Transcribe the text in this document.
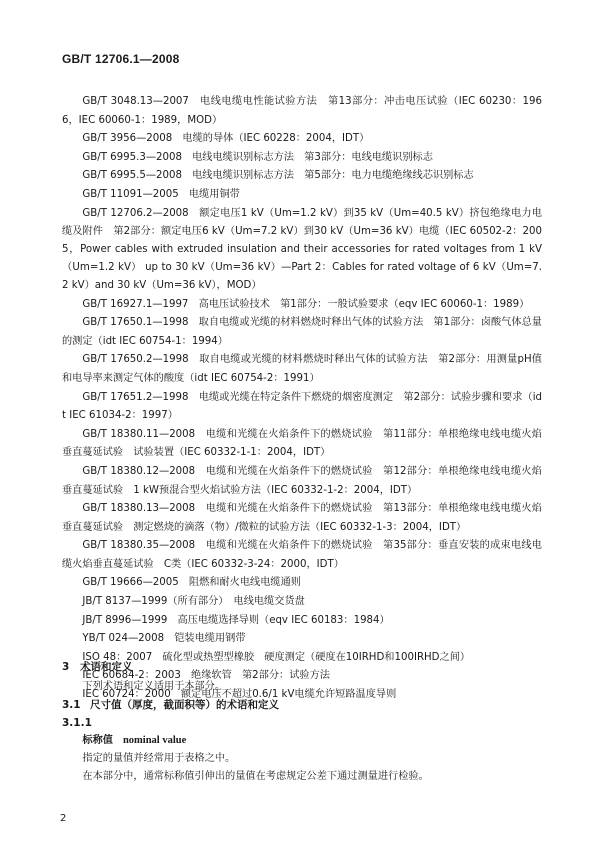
GB/T 12706.1—2008
GB/T 3048.13—2007　电线电缆电性能试验方法　第13部分：冲击电压试验（IEC 60230：1966，IEC 60060-1：1989，MOD）
GB/T 3956—2008　电缆的导体（IEC 60228：2004，IDT）
GB/T 6995.3—2008　电线电缆识别标志方法　第3部分：电线电缆识别标志
GB/T 6995.5—2008　电线电缆识别标志方法　第5部分：电力电缆绝缘线芯识别标志
GB/T 11091—2005　电缆用铜带
GB/T 12706.2—2008　额定电压1 kV（Um=1.2 kV）到35 kV（Um=40.5 kV）挤包绝缘电力电缆及附件　第2部分：额定电压6 kV（Um=7.2 kV）到30 kV（Um=36 kV）电缆（IEC 60502-2：2005，Power cables with extruded insulation and their accessories for rated voltages from 1 kV（Um=1.2 kV） up to 30 kV（Um=36 kV）—Part 2：Cables for rated voltage of 6 kV（Um=7.2 kV）and 30 kV（Um=36 kV），MOD）
GB/T 16927.1—1997　高电压试验技术　第1部分：一般试验要求（eqv IEC 60060-1：1989）
GB/T 17650.1—1998　取自电缆或光缆的材料燃烧时释出气体的试验方法　第1部分：卤酸气体总量的测定（idt IEC 60754-1：1994）
GB/T 17650.2—1998　取自电缆或光缆的材料燃烧时释出气体的试验方法　第2部分：用测量pH值和电导率来测定气体的酸度（idt IEC 60754-2：1991）
GB/T 17651.2—1998　电缆或光缆在特定条件下燃烧的烟密度测定　第2部分：试验步骤和要求（idt IEC 61034-2：1997）
GB/T 18380.11—2008　电缆和光缆在火焰条件下的燃烧试验　第11部分：单根绝缘电线电缆火焰垂直蔓延试验　试验装置（IEC 60332-1-1：2004，IDT）
GB/T 18380.12—2008　电缆和光缆在火焰条件下的燃烧试验　第12部分：单根绝缘电线电缆火焰垂直蔓延试验　1 kW预混合型火焰试验方法（IEC 60332-1-2：2004，IDT）
GB/T 18380.13—2008　电缆和光缆在火焰条件下的燃烧试验　第13部分：单根绝缘电线电缆火焰垂直蔓延试验　测定燃烧的滴落（物）/微粒的试验方法（IEC 60332-1-3：2004，IDT）
GB/T 18380.35—2008　电缆和光缆在火焰条件下的燃烧试验　第35部分：垂直安装的成束电线电缆火焰垂直蔓延试验　C类（IEC 60332-3-24：2000，IDT）
GB/T 19666—2005　阻燃和耐火电线电缆通则
JB/T 8137—1999（所有部分）　电线电缆交货盘
JB/T 8996—1999　高压电缆选择导则（eqv IEC 60183：1984）
YB/T 024—2008　铠装电缆用钢带
ISO 48：2007　硫化型或热塑型橡胶　硬度测定（硬度在10IRHD和100IRHD之间）
IEC 60684-2：2003　绝缘软管　第2部分：试验方法
IEC 60724：2000　额定电压不超过0.6/1 kV电缆允许短路温度导则
3 术语和定义
下列术语和定义适用于本部分。
3.1 尺寸值（厚度，截面积等）的术语和定义
3.1.1
标称值 nominal value
指定的量值并经常用于表格之中。
在本部分中，通常标称值引伸出的量值在考虑规定公差下通过测量进行检验。
2
